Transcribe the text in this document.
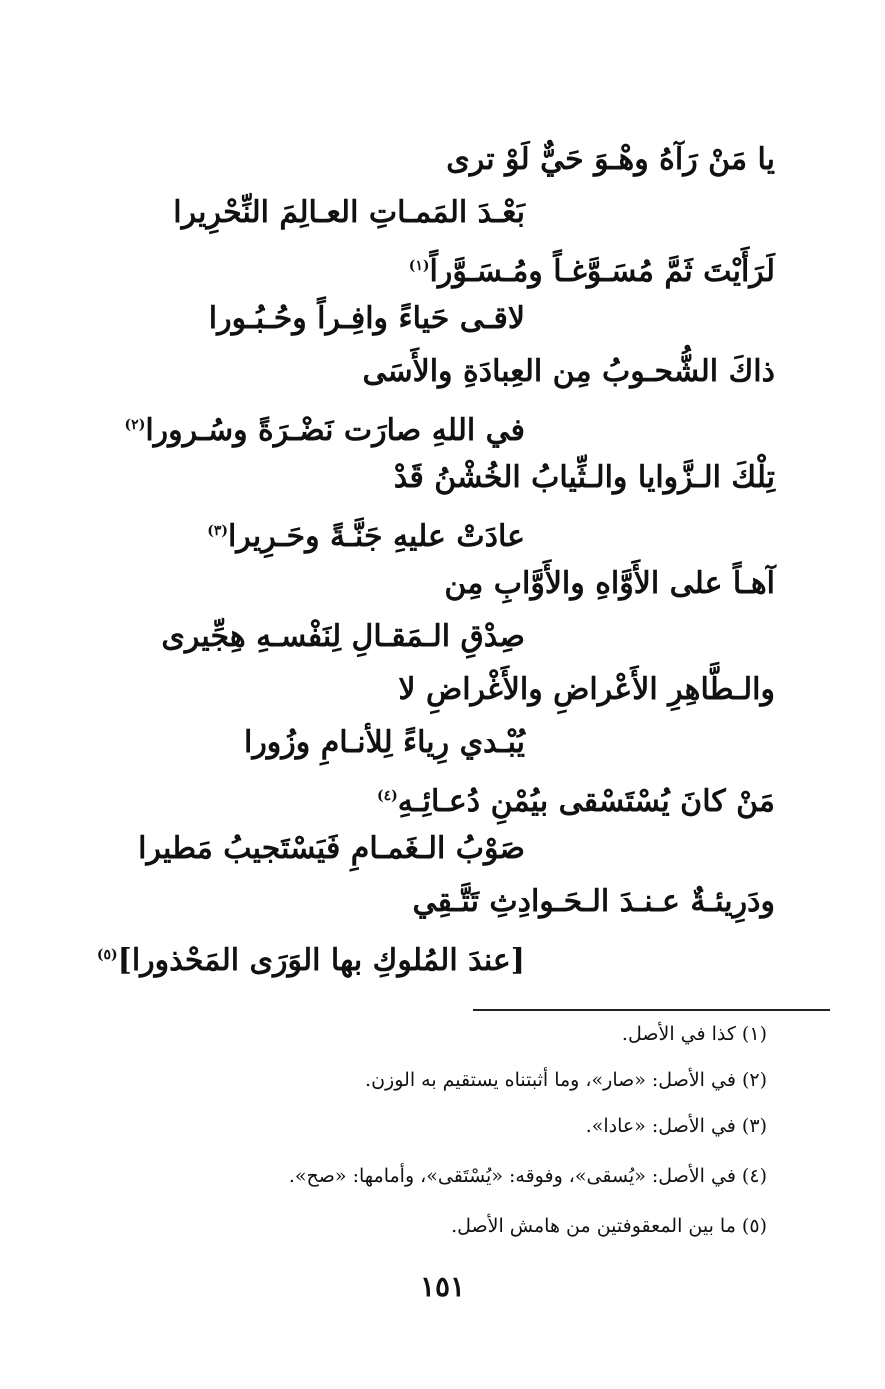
يا مَنْ رَآهُ وهْـوَ حَيٌّ لَوْ ترى
بَعْـدَ المَمـاتِ العـالِمَ النِّحْرِيرا
لَرَأَيْتَ ثَمَّ مُسَـوَّغـاً ومُـسَـوَّراً$^{(١)}$
لاقـى حَياءً وافِـراً وحُـبُـورا
ذاكَ الشُّحـوبُ مِن العِبادَةِ والأَسَى
في اللهِ صارَت نَضْـرَةً وسُـرورا$^{(٢)}$
تِلْكَ الـزَّوايا والـثِّيابُ الخُشْنُ قَدْ
عادَتْ عليهِ جَنَّـةً وحَـرِيرا$^{(٣)}$
آهـاً على الأَوَّاهِ والأَوَّابِ مِن
صِدْقِ الـمَقـالِ لِنَفْسـهِ هِجِّيرى
والـطَّاهِرِ الأَعْراضِ والأَغْراضِ لا
يُبْـدي رِياءً لِلأنـامِ وزُورا
مَنْ كانَ يُسْتَسْقى بيُمْنِ دُعـائِـهِ$^{(٤)}$
صَوْبُ الـغَمـامِ فَيَسْتَجيبُ مَطيرا
ودَرِيئـةٌ عـنـدَ الـحَـوادِثِ تَتَّـقِي
[عندَ المُلوكِ بها الوَرَى المَحْذورا]$^{(٥)}$
(١) كذا في الأصل.
(٢) في الأصل: «صار»، وما أثبتناه يستقيم به الوزن.
(٣) في الأصل: «عادا».
(٤) في الأصل: «يُسقى»، وفوقه: «يُسْتَقى»، وأمامها: «صح».
(٥) ما بين المعقوفتين من هامش الأصل.
١٥١
